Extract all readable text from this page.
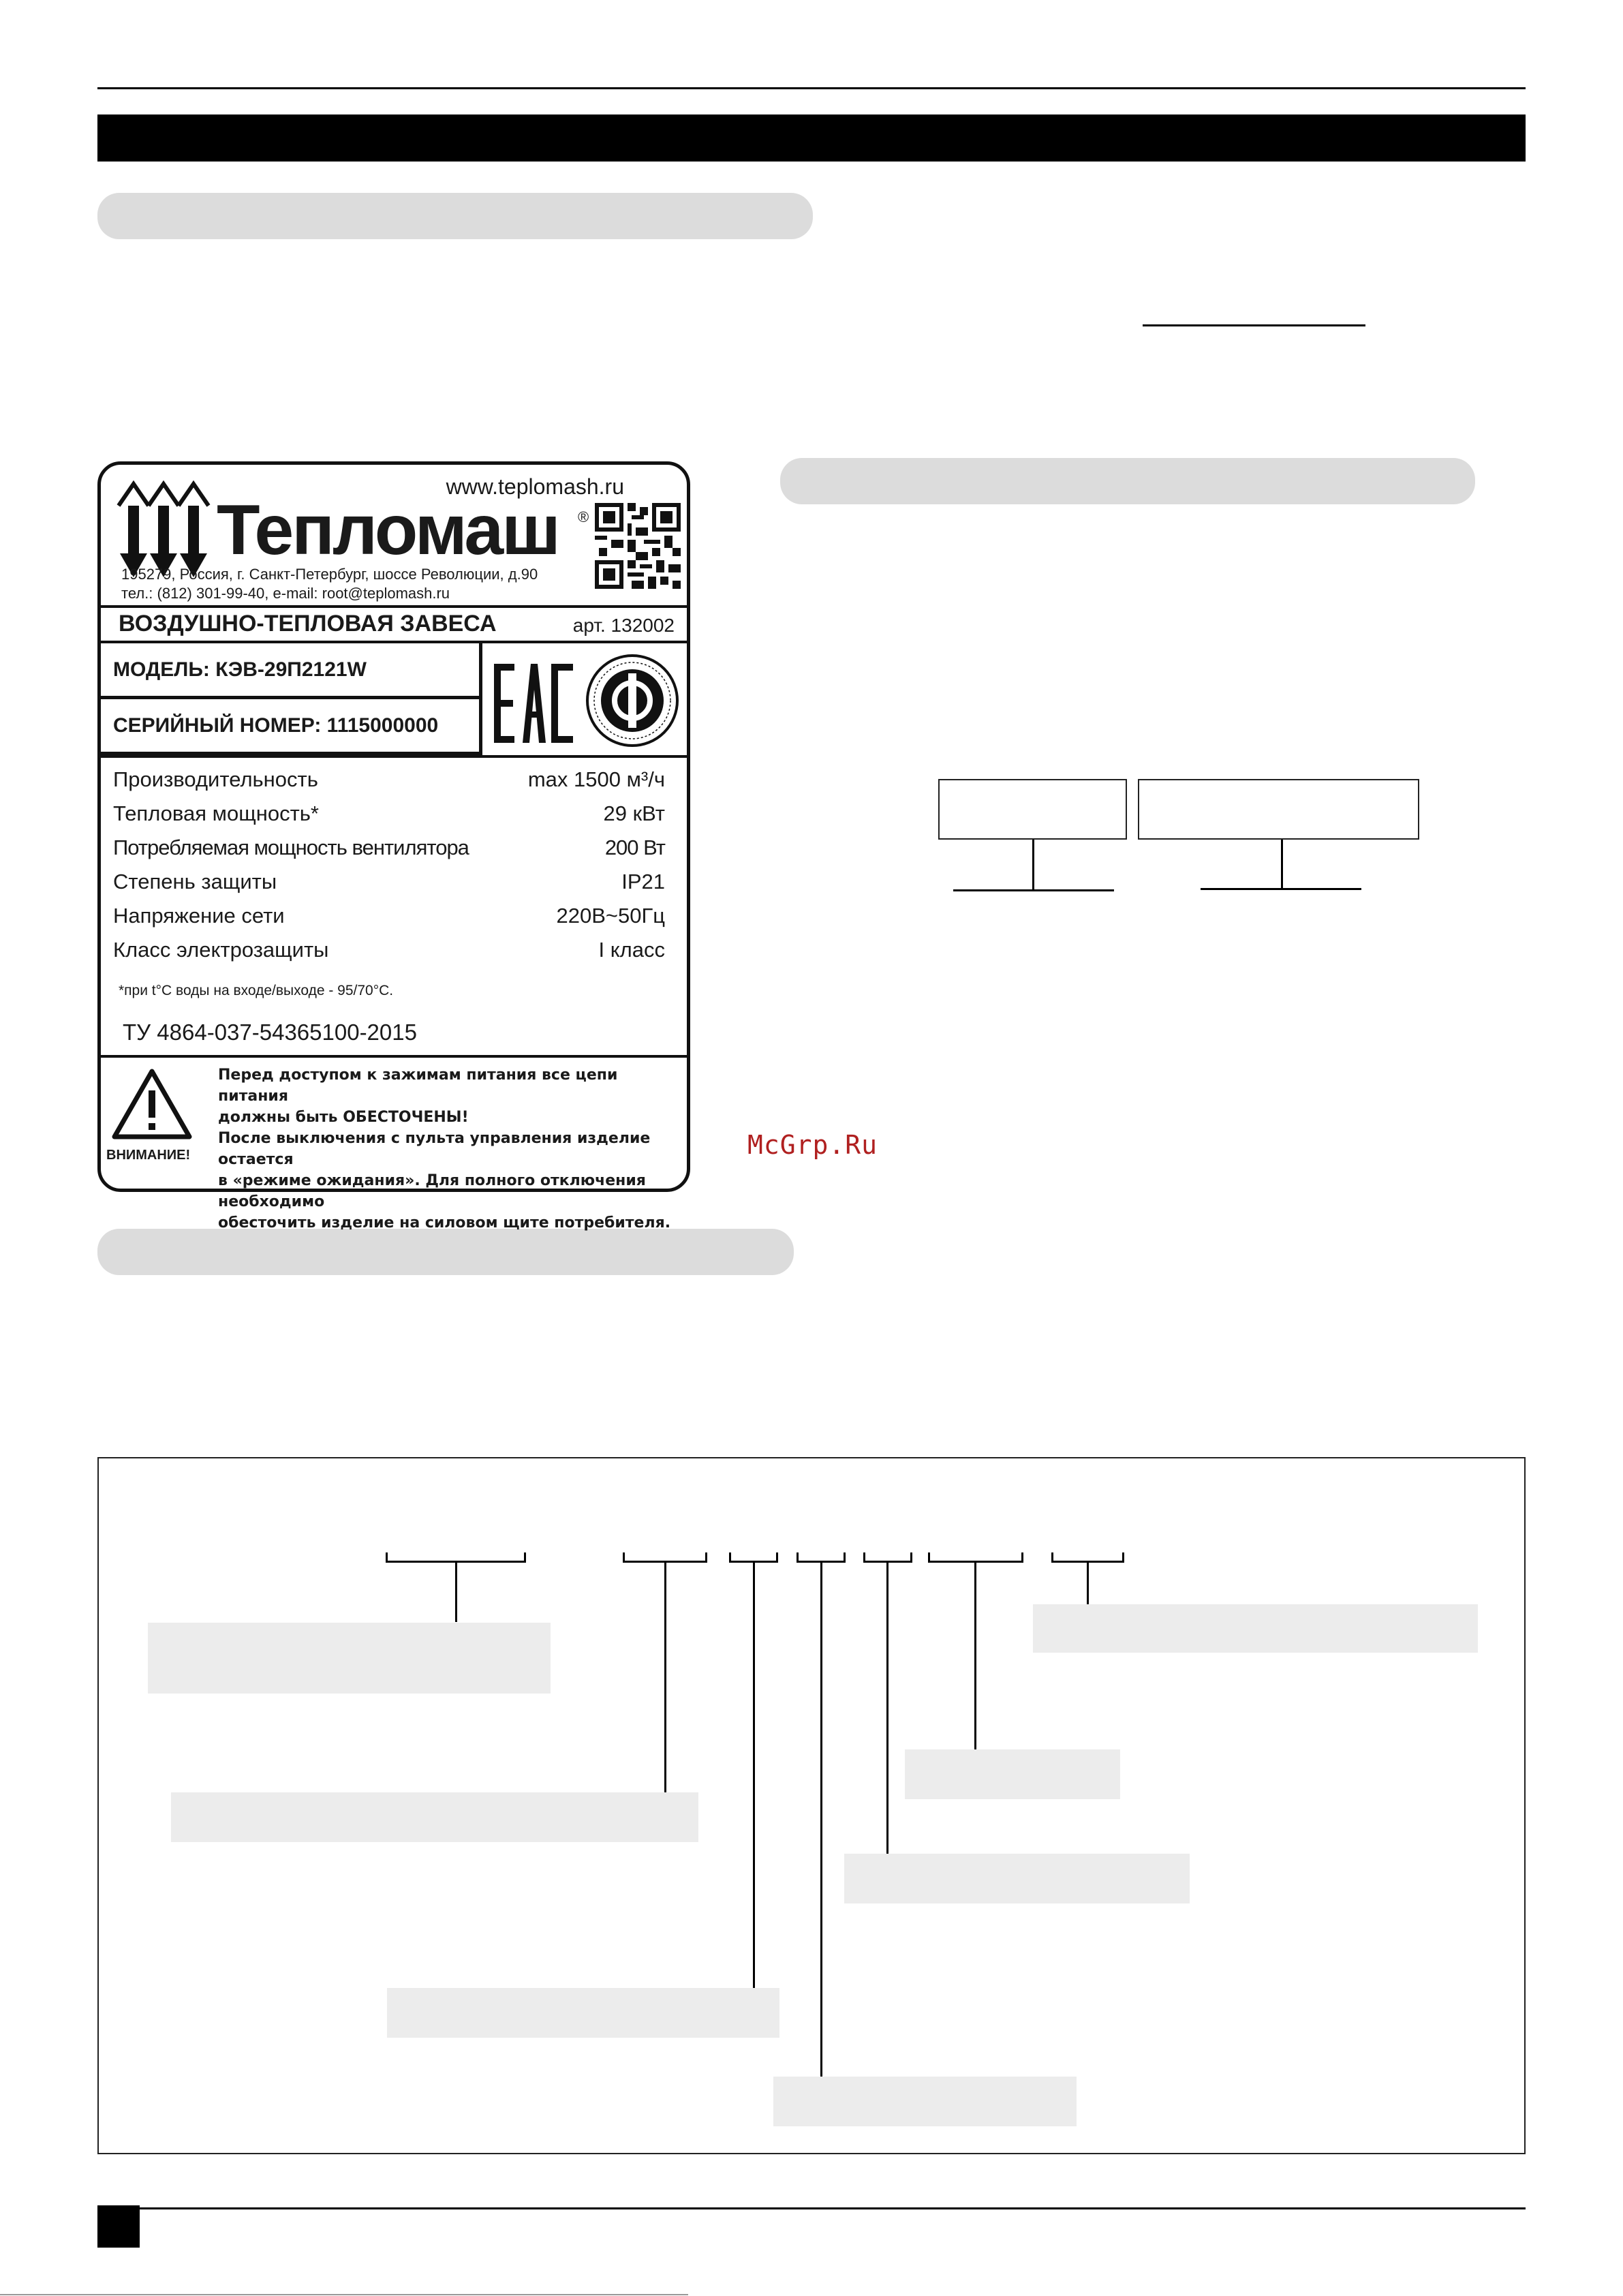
www.teplomash.ru
Тепломаш ®
195279, Россия, г. Санкт-Петербург, шоссе Революции, д.90
тел.: (812) 301-99-40, e-mail: root@teplomash.ru
ВОЗДУШНО-ТЕПЛОВАЯ ЗАВЕСА	арт. 132002
МОДЕЛЬ: КЭВ-29П2121W
СЕРИЙНЫЙ НОМЕР: 1115000000
Производительность	max 1500 м³/ч
Тепловая мощность*	29 кВт
Потребляемая мощность вентилятора	200 Вт
Степень защиты	IP21
Напряжение сети	220В~50Гц
Класс электрозащиты	I класс
*при t°C воды на входе/выходе - 95/70°C.
ТУ 4864-037-54365100-2015
ВНИМАНИЕ!
Перед доступом к зажимам питания все цепи питания
должны быть ОБЕСТОЧЕНЫ!
После выключения с пульта управления изделие остается
в «режиме ожидания». Для полного отключения необходимо
обесточить изделие на силовом щите потребителя.
McGrp.Ru
